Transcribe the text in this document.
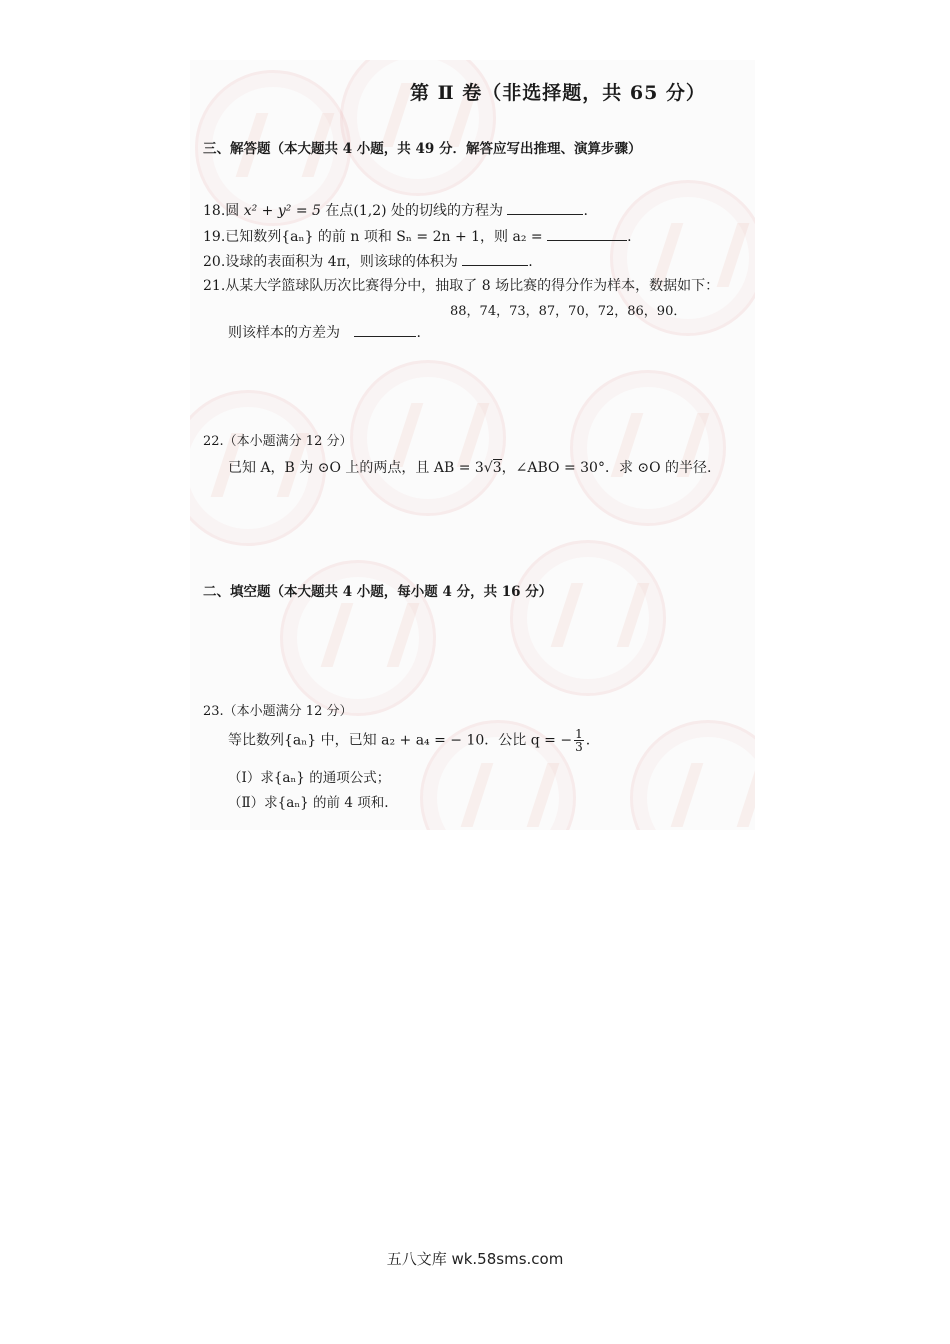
第 Ⅱ 卷（非选择题，共 65 分）
三、解答题（本大题共 4 小题，共 49 分．解答应写出推理、演算步骤）
18.圆 x² + y² = 5 在点(1,2) 处的切线的方程为	.
19.已知数列{aₙ} 的前 n 项和 Sₙ = 2n + 1，则 a₂ =	.
20.设球的表面积为 4π，则该球的体积为	.
21.从某大学篮球队历次比赛得分中，抽取了 8 场比赛的得分作为样本，数据如下：
88，74，73，87，70，72，86，90．
则该样本的方差为	.
22.（本小题满分 12 分）
已知 A，B 为 ⊙O 上的两点，且 AB = 3√3，∠ABO = 30°．求 ⊙O 的半径.
二、填空题（本大题共 4 小题，每小题 4 分，共 16 分）
23.（本小题满分 12 分）
等比数列{aₙ} 中，已知 a₂ + a₄ = − 10．公比 q = − $\frac{1}{3}$ .
（Ⅰ）求{aₙ} 的通项公式；
（Ⅱ）求{aₙ} 的前 4 项和.
五八文库 wk.58sms.com
